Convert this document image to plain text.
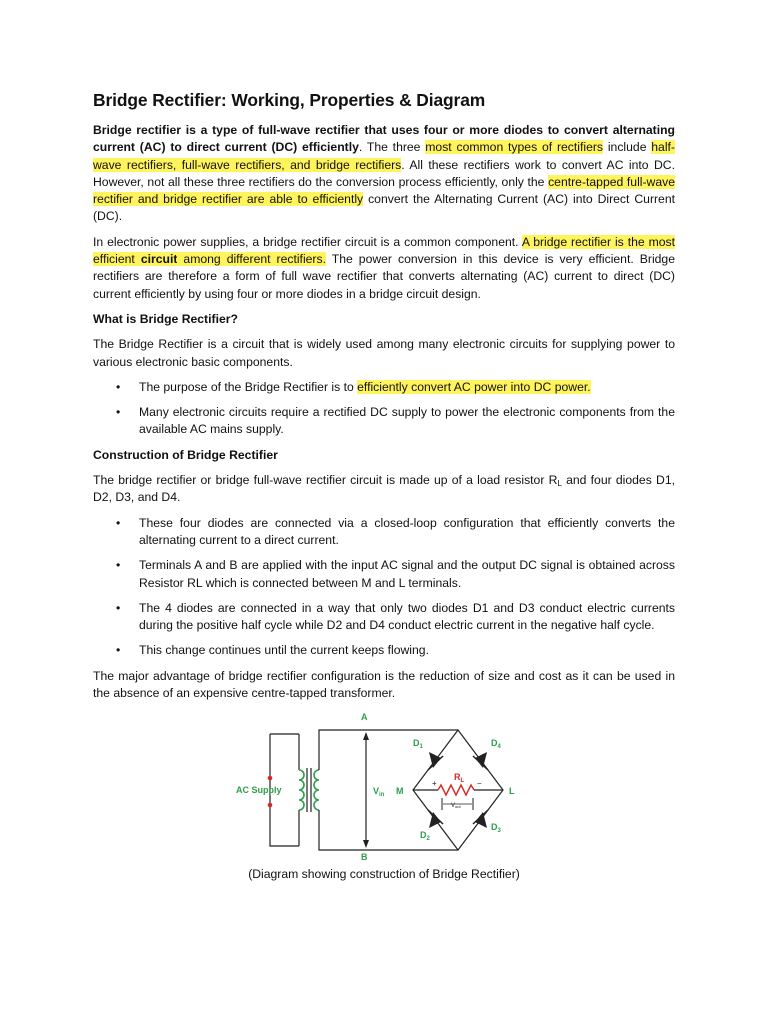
Bridge Rectifier: Working, Properties & Diagram

Bridge rectifier is a type of full-wave rectifier that uses four or more diodes to convert alternating current (AC) to direct current (DC) efficiently. The three most common types of rectifiers include half-wave rectifiers, full-wave rectifiers, and bridge rectifiers. All these rectifiers work to convert AC into DC. However, not all these three rectifiers do the conversion process efficiently, only the centre-tapped full-wave rectifier and bridge rectifier are able to efficiently convert the Alternating Current (AC) into Direct Current (DC).

In electronic power supplies, a bridge rectifier circuit is a common component. A bridge rectifier is the most efficient circuit among different rectifiers. The power conversion in this device is very efficient. Bridge rectifiers are therefore a form of full wave rectifier that converts alternating (AC) current to direct (DC) current efficiently by using four or more diodes in a bridge circuit design.

What is Bridge Rectifier?

The Bridge Rectifier is a circuit that is widely used among many electronic circuits for supplying power to various electronic basic components.

• The purpose of the Bridge Rectifier is to efficiently convert AC power into DC power.
• Many electronic circuits require a rectified DC supply to power the electronic components from the available AC mains supply.
Construction of Bridge Rectifier

The bridge rectifier or bridge full-wave rectifier circuit is made up of a load resistor $R_L$ and four diodes D1, D2, D3, and D4.

• These four diodes are connected via a closed-loop configuration that efficiently converts the alternating current to a direct current.
• Terminals A and B are applied with the input AC signal and the output DC signal is obtained across Resistor RL which is connected between M and L terminals.
• The 4 diodes are connected in a way that only two diodes D1 and D3 conduct electric currents during the positive half cycle while D2 and D4 conduct electric current in the negative half cycle.
• This change continues until the current keeps flowing.

The major advantage of bridge rectifier configuration is the reduction of size and cost as it can be used in the absence of an expensive centre-tapped transformer.

A
B
AC Supply	$V_{in}$ M	L
$D_1$	$D_4$
$D_2$
$D_3$
$R_L$
+	−
Vout
(Diagram showing construction of Bridge Rectifier)
